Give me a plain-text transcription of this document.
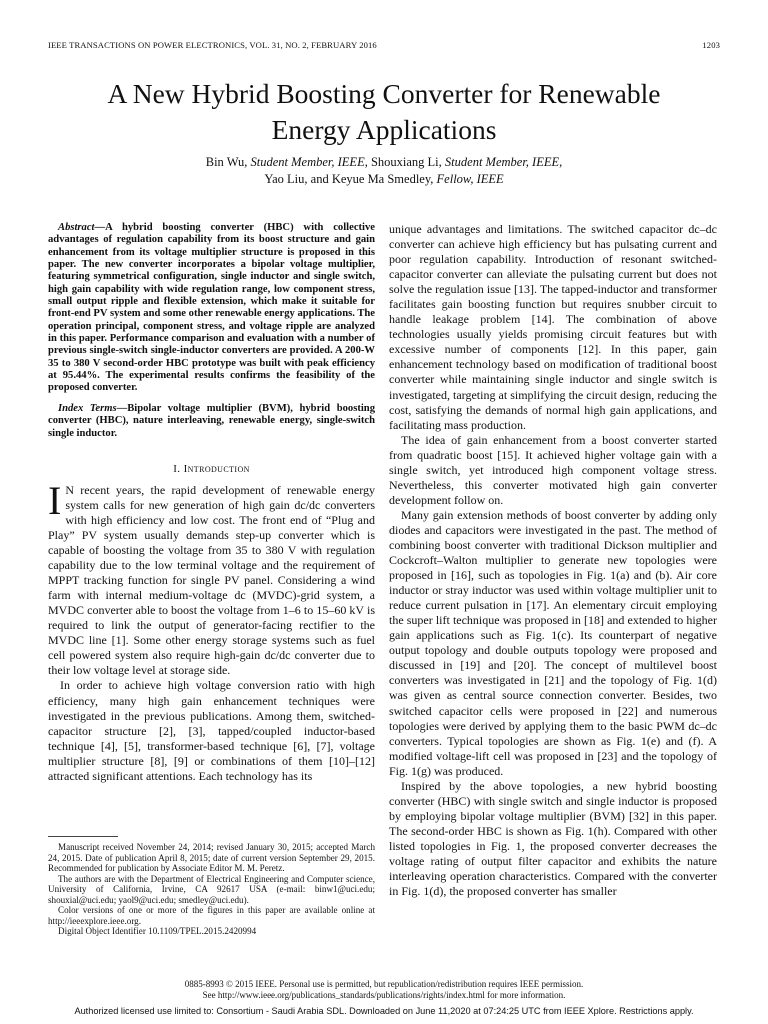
IEEE TRANSACTIONS ON POWER ELECTRONICS, VOL. 31, NO. 2, FEBRUARY 2016	1203
A New Hybrid Boosting Converter for Renewable
Energy Applications
Bin Wu, Student Member, IEEE, Shouxiang Li, Student Member, IEEE,
Yao Liu, and Keyue Ma Smedley, Fellow, IEEE

Abstract—A hybrid boosting converter (HBC) with collective advantages of regulation capability from its boost structure and gain enhancement from its voltage multiplier structure is proposed in this paper. The new converter incorporates a bipolar voltage multiplier, featuring symmetrical configuration, single inductor and single switch, high gain capability with wide regulation range, low component stress, small output ripple and flexible extension, which make it suitable for front-end PV system and some other renewable energy applications. The operation principal, component stress, and voltage ripple are analyzed in this paper. Performance comparison and evaluation with a number of previous single-switch single-inductor converters are provided. A 200-W 35 to 380 V second-order HBC prototype was built with peak efficiency at 95.44%. The experimental results confirms the feasibility of the proposed converter.

Index Terms—Bipolar voltage multiplier (BVM), hybrid boosting converter (HBC), nature interleaving, renewable energy, single-switch single inductor.

I. Introduction
I N recent years, the rapid development of renewable energy system calls for new generation of high gain dc/dc converters with high efficiency and low cost. The front end of “Plug and Play” PV system usually demands step-up converter which is capable of boosting the voltage from 35 to 380 V with regulation capability due to the low terminal voltage and the requirement of MPPT tracking function for single PV panel. Considering a wind farm with internal medium-voltage dc (MVDC)-grid system, a MVDC converter able to boost the voltage from 1–6 to 15–60 kV is required to link the output of generator-facing rectifier to the MVDC line [1]. Some other energy storage systems such as fuel cell powered system also require high-gain dc/dc converter due to their low voltage level at storage side.

In order to achieve high voltage conversion ratio with high efficiency, many high gain enhancement techniques were investigated in the previous publications. Among them, switched-capacitor structure [2], [3], tapped/coupled inductor-based technique [4], [5], transformer-based technique [6], [7], voltage multiplier structure [8], [9] or combinations of them [10]–[12] attracted significant attentions. Each technology has its

unique advantages and limitations. The switched capacitor dc–dc converter can achieve high efficiency but has pulsating current and poor regulation capability. Introduction of resonant switched-capacitor converter can alleviate the pulsating current but does not solve the regulation issue [13]. The tapped-inductor and transformer facilitates gain boosting function but requires snubber circuit to handle leakage problem [14]. The combination of above technologies usually yields promising circuit features but with excessive number of components [12]. In this paper, gain enhancement technology based on modification of traditional boost converter while maintaining single inductor and single switch is investigated, targeting at simplifying the circuit design, reducing the cost, satisfying the demands of normal high gain applications, and facilitating mass production.

The idea of gain enhancement from a boost converter started from quadratic boost [15]. It achieved higher voltage gain with a single switch, yet introduced high component voltage stress. Nevertheless, this converter motivated high gain converter development follow on.

Many gain extension methods of boost converter by adding only diodes and capacitors were investigated in the past. The method of combining boost converter with traditional Dickson multiplier and Cockcroft–Walton multiplier to generate new topologies were proposed in [16], such as topologies in Fig. 1(a) and (b). Air core inductor or stray inductor was used within voltage multiplier unit to reduce current pulsation in [17]. An elementary circuit employing the super lift technique was proposed in [18] and extended to higher gain applications such as Fig. 1(c). Its counterpart of negative output topology and double outputs topology were proposed and discussed in [19] and [20]. The concept of multilevel boost converters was investigated in [21] and the topology of Fig. 1(d) was given as central source connection converter. Besides, two switched capacitor cells were proposed in [22] and numerous topologies were derived by applying them to the basic PWM dc–dc converters. Typical topologies are shown as Fig. 1(e) and (f). A modified voltage-lift cell was proposed in [23] and the topology of Fig. 1(g) was produced.

Inspired by the above topologies, a new hybrid boosting converter (HBC) with single switch and single inductor is proposed by employing bipolar voltage multiplier (BVM) [32] in this paper. The second-order HBC is shown as Fig. 1(h). Compared with other listed topologies in Fig. 1, the proposed converter decreases the voltage rating of output filter capacitor and exhibits the nature interleaving operation characteristics. Compared with the converter in Fig. 1(d), the proposed converter has smaller

Manuscript received November 24, 2014; revised January 30, 2015; accepted March 24, 2015. Date of publication April 8, 2015; date of current version September 29, 2015. Recommended for publication by Associate Editor M. M. Peretz.

The authors are with the Department of Electrical Engineering and Computer science, University of California, Irvine, CA 92617 USA (e-mail: binw1@uci.edu; shouxial@uci.edu; yaol9@uci.edu; smedley@uci.edu).

Color versions of one or more of the figures in this paper are available online at http://ieeexplore.ieee.org.

Digital Object Identifier 10.1109/TPEL.2015.2420994

0885-8993 © 2015 IEEE. Personal use is permitted, but republication/redistribution requires IEEE permission.
See http://www.ieee.org/publications_standards/publications/rights/index.html for more information.
Authorized licensed use limited to: Consortium - Saudi Arabia SDL. Downloaded on June 11,2020 at 07:24:25 UTC from IEEE Xplore. Restrictions apply.
